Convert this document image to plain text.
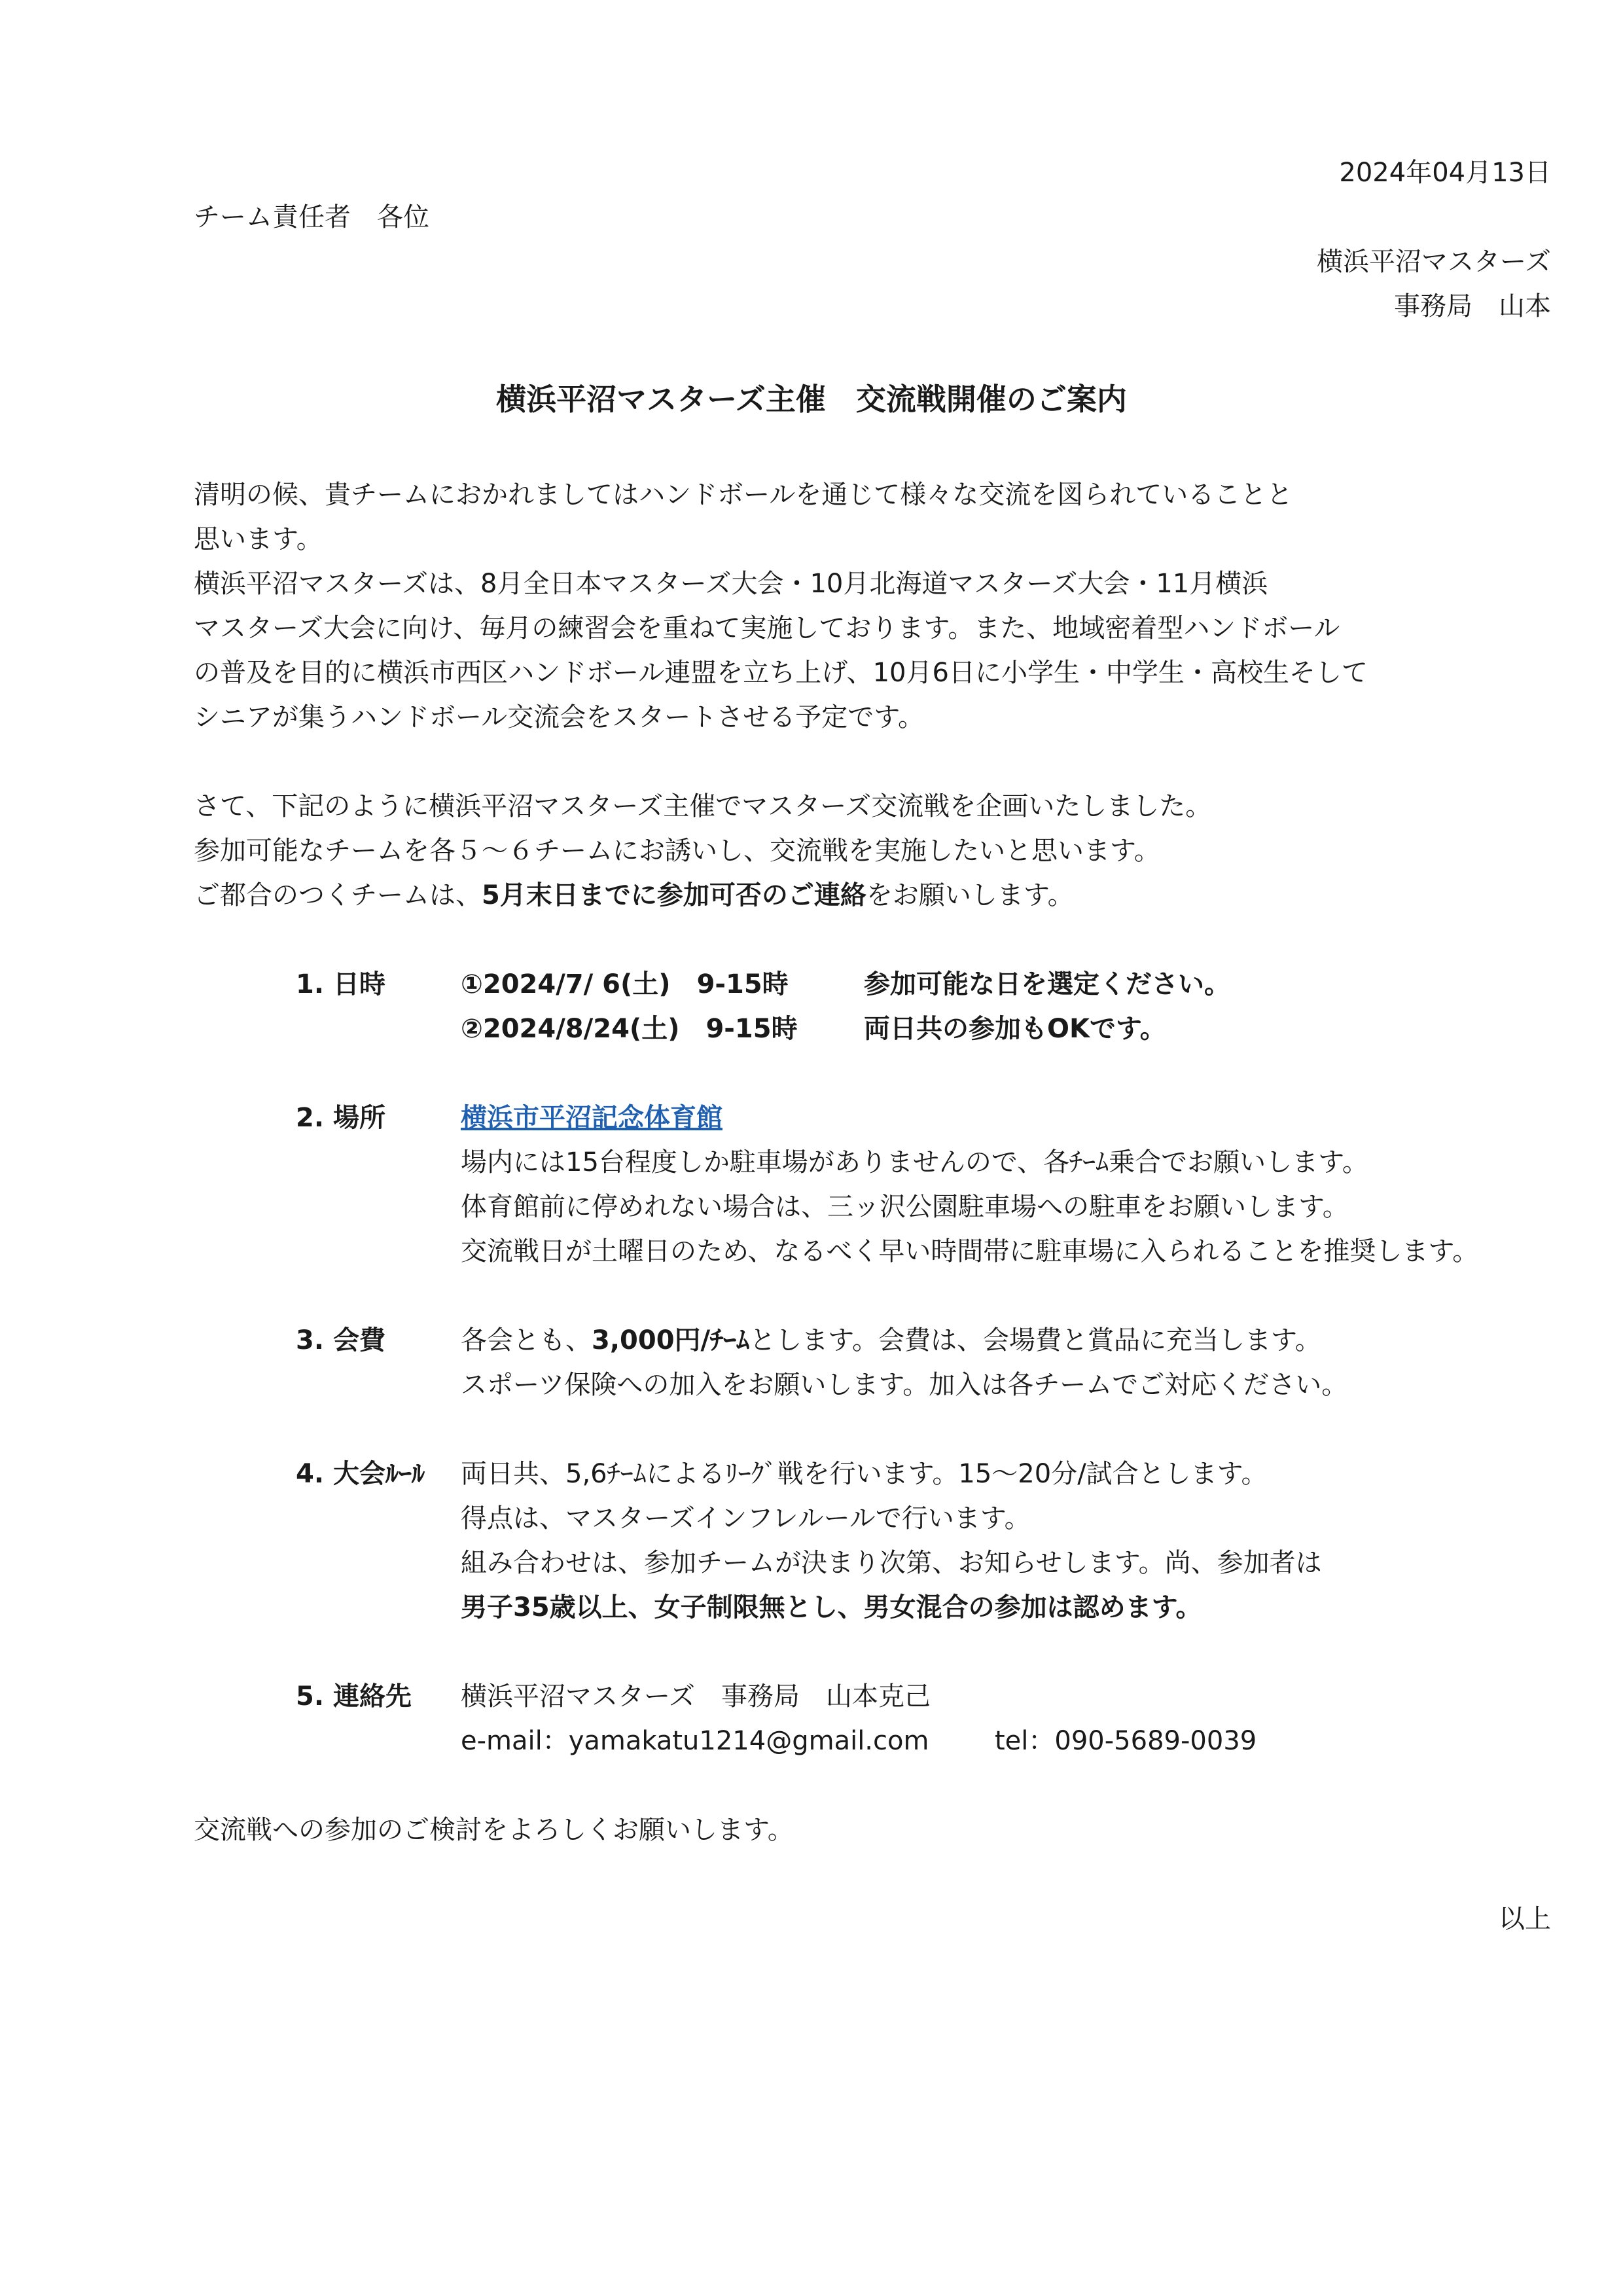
2024年04月13日
チーム責任者　各位
横浜平沼マスターズ
事務局　山本
横浜平沼マスターズ主催　交流戦開催のご案内
清明の候、貴チームにおかれましてはハンドボールを通じて様々な交流を図られていることと
思います。
横浜平沼マスターズは、8月全日本マスターズ大会・10月北海道マスターズ大会・11月横浜
マスターズ大会に向け、毎月の練習会を重ねて実施しております。また、地域密着型ハンドボール
の普及を目的に横浜市西区ハンドボール連盟を立ち上げ、10月6日に小学生・中学生・高校生そして
シニアが集うハンドボール交流会をスタートさせる予定です。
さて、下記のように横浜平沼マスターズ主催でマスターズ交流戦を企画いたしました。
参加可能なチームを各５～６チームにお誘いし、交流戦を実施したいと思います。
ご都合のつくチームは、5月末日までに参加可否のご連絡をお願いします。
1. 日時	①2024/7/ 6(土)　9-15時	参加可能な日を選定ください。
②2024/8/24(土)　9-15時	両日共の参加もOKです。
2. 場所	横浜市平沼記念体育館
場内には15台程度しか駐車場がありませんので、各ﾁｰﾑ乗合でお願いします。
体育館前に停めれない場合は、三ッ沢公園駐車場への駐車をお願いします。
交流戦日が土曜日のため、なるべく早い時間帯に駐車場に入られることを推奨します。
3. 会費	各会とも、3,000円/ﾁｰﾑとします。会費は、会場費と賞品に充当します。
スポーツ保険への加入をお願いします。加入は各チームでご対応ください。
4. 大会ﾙｰﾙ 両日共、5,6ﾁｰﾑによるﾘｰｸﾞ戦を行います。15～20分/試合とします。
得点は、マスターズインフレルールで行います。
組み合わせは、参加チームが決まり次第、お知らせします。尚、参加者は
男子35歳以上、女子制限無とし、男女混合の参加は認めます。
5. 連絡先 横浜平沼マスターズ　事務局　山本克己
e-mail：yamakatu1214@gmail.com	tel：090-5689-0039
交流戦への参加のご検討をよろしくお願いします。
以上
